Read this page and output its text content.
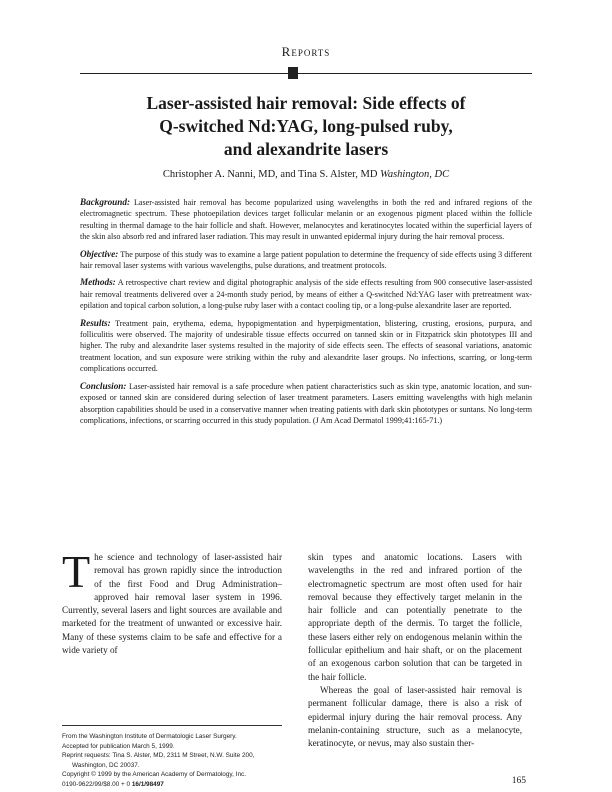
Reports
Laser-assisted hair removal: Side effects of
Q-switched Nd:YAG, long-pulsed ruby,
and alexandrite lasers
Christopher A. Nanni, MD, and Tina S. Alster, MD Washington, DC

Background: Laser-assisted hair removal has become popularized using wavelengths in both the red and infrared regions of the electromagnetic spectrum. These photoepilation devices target follicular melanin or an exogenous pigment placed within the follicle resulting in thermal damage to the hair follicle and shaft. However, melanocytes and keratinocytes located within the superficial layers of the skin also absorb red and infrared laser radiation. This may result in unwanted epidermal injury during the hair removal process.

Objective: The purpose of this study was to examine a large patient population to determine the frequency of side effects using 3 different hair removal laser systems with various wavelengths, pulse durations, and treatment protocols.

Methods: A retrospective chart review and digital photographic analysis of the side effects resulting from 900 consecutive laser-assisted hair removal treatments delivered over a 24-month study period, by means of either a Q-switched Nd:YAG laser with pretreatment wax-epilation and topical carbon solution, a long-pulse ruby laser with a contact cooling tip, or a long-pulse alexandrite laser are reported.

Results: Treatment pain, erythema, edema, hypopigmentation and hyperpigmentation, blistering, crusting, erosions, purpura, and folliculitis were observed. The majority of undesirable tissue effects occurred on tanned skin or in Fitzpatrick skin phototypes III and higher. The ruby and alexandrite laser systems resulted in the majority of side effects seen. The effects of seasonal variations, anatomic treatment location, and sun exposure were striking within the ruby and alexandrite laser groups. No infections, scarring, or long-term complications occurred.

Conclusion: Laser-assisted hair removal is a safe procedure when patient characteristics such as skin type, anatomic location, and sun-exposed or tanned skin are considered during selection of laser treatment parameters. Lasers emitting wavelengths with high melanin absorption capabilities should be used in a conservative manner when treating patients with dark skin phototypes or suntans. No long-term complications, infections, or scarring occurred in this study population. (J Am Acad Dermatol 1999;41:165-71.)

T he science and technology of laser-assisted hair removal has grown rapidly since the introduction of the first Food and Drug Administration–approved hair removal laser system in 1996. Currently, several lasers and light sources are available and marketed for the treatment of unwanted or excessive hair. Many of these systems claim to be safe and effective for a wide variety of

skin types and anatomic locations. Lasers with wavelengths in the red and infrared portion of the electromagnetic spectrum are most often used for hair removal because they effectively target melanin in the hair follicle and can potentially penetrate to the appropriate depth of the dermis. To target the follicle, these lasers either rely on endogenous melanin within the follicular epithelium and hair shaft, or on the placement of an exogenous carbon solution that can be targeted in the hair follicle.

Whereas the goal of laser-assisted hair removal is permanent follicular damage, there is also a risk of epidermal injury during the hair removal process. Any melanin-containing structure, such as a melanocyte, keratinocyte, or nevus, may also sustain ther-

From the Washington Institute of Dermatologic Laser Surgery.
Accepted for publication March 5, 1999.
Reprint requests: Tina S. Alster, MD, 2311 M Street, N.W. Suite 200,
Washington, DC 20037.
Copyright © 1999 by the American Academy of Dermatology, Inc.
0190-9622/99/$8.00 + 0 16/1/98497	165
